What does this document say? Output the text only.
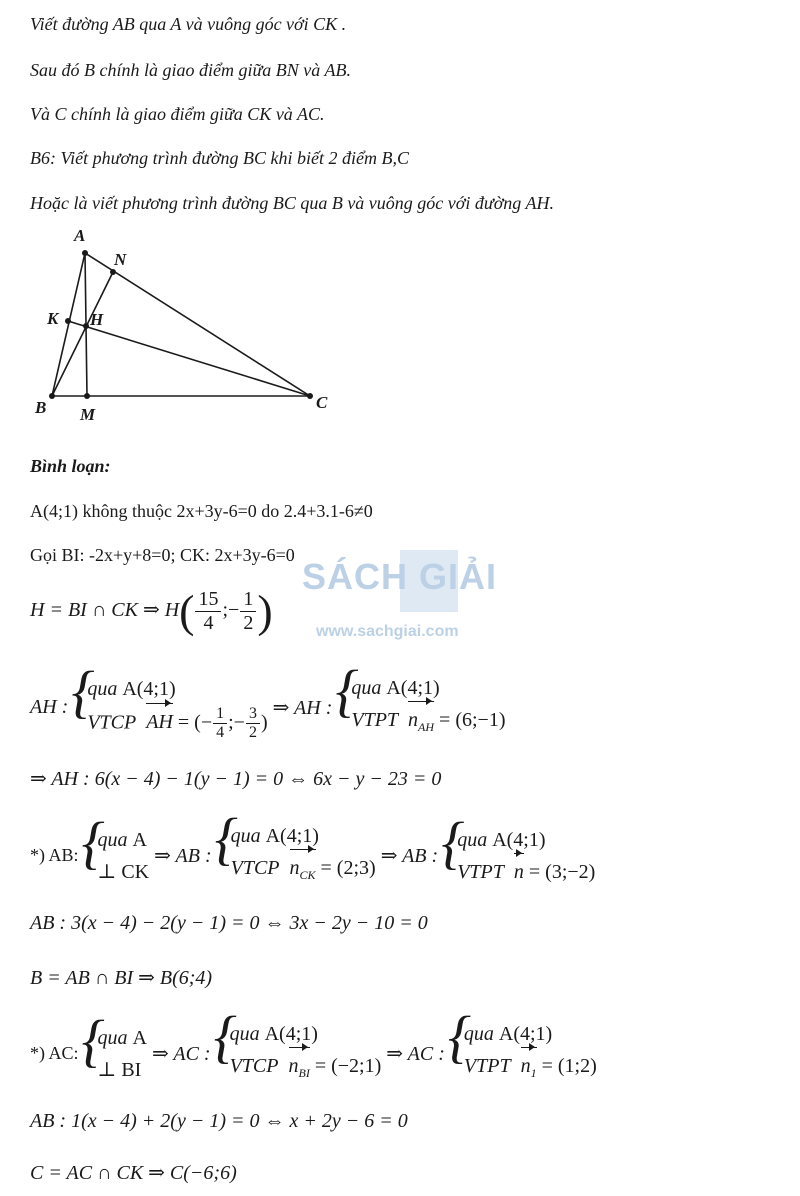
Viết đường AB qua A và vuông góc với CK .
Sau đó B chính là giao điểm giữa BN và AB.
Và C chính là giao điểm giữa CK và AC.
B6: Viết phương trình đường BC khi biết 2 điểm B,C
Hoặc là viết phương trình đường BC qua B và vuông góc với đường AH.
A
N
K H
B M
C
Bình loạn:
A(4;1) không thuộc 2x+3y-6=0 do 2.4+3.1-6≠0
Gọi BI: -2x+y+8=0; CK: 2x+3y-6=0
SÁCH GIẢI
www.sachgiai.com
H = BI ∩ CK ⇒ $H( \frac{15}{4}$ ;− $\frac{1}{2}$ )
AH :
{ qua A(4;1)
VTCP AH = (− $\frac{1}{4}$ ;− $\frac{3}{2}$ )
⇒ AH :
{ qua A(4;1)
VTPT $n_{AH}$ = (6;−1)
⇒ AH : 6(x − 4) − 1(y − 1) = 0 ⇔ 6x − y − 23 = 0
*) AB:
{ qua A
⊥ CK
⇒ AB :
{ qua A(4;1)
VTCP $n_{CK}$ = (2;3)
⇒ AB :
{ qua A(4;1)
VTPT n = (3;−2)
AB : 3(x − 4) − 2(y − 1) = 0 ⇔ 3x − 2y − 10 = 0
B = AB ∩ BI ⇒ B(6;4)
*) AC:
{ qua A
⊥ BI
⇒ AC :
{ qua A(4;1)
VTCP $n_{BI}$ = (−2;1)
⇒ AC :
{ qua A(4;1)
VTPT $n_1$ = (1;2)
AB : 1(x − 4) + 2(y − 1) = 0 ⇔ x + 2y − 6 = 0
C = AC ∩ CK ⇒ C(−6;6)
